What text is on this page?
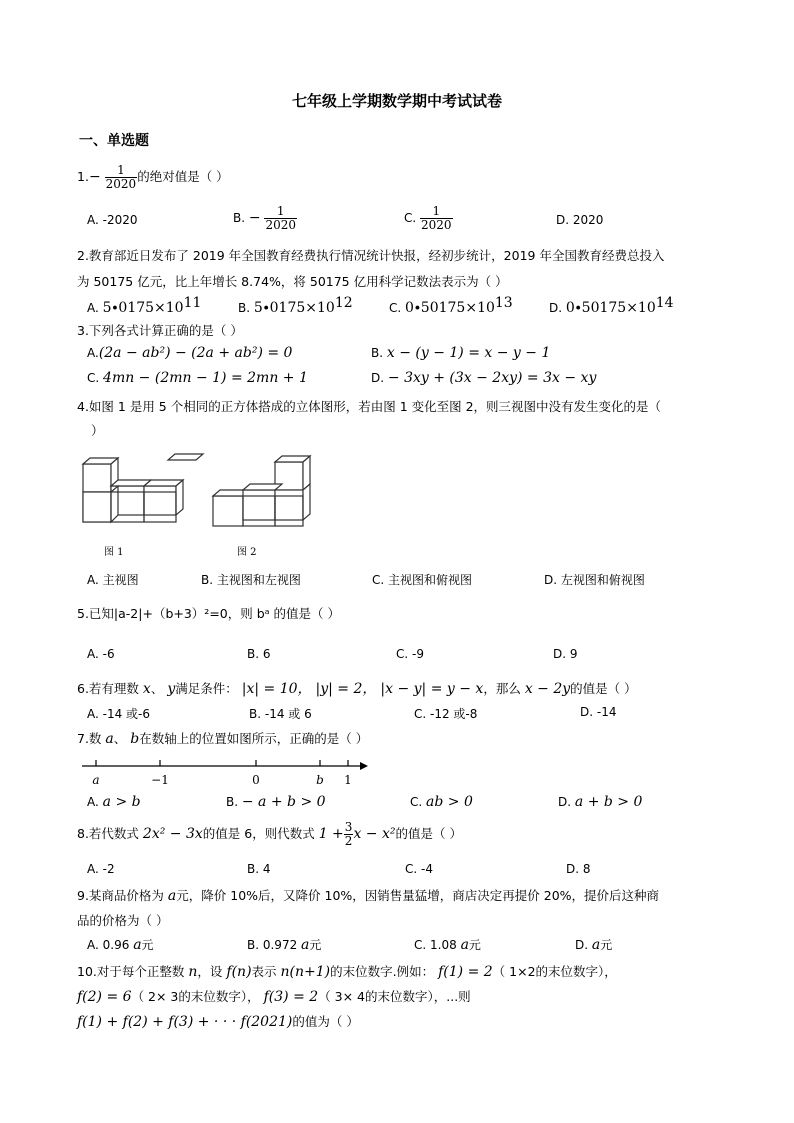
七年级上学期数学期中考试试卷
一、单选题
$1.- \frac{1}{2020}$ 的绝对值是（ ）
A. -2020	B. − $\frac{1}{2020}$	C. $\frac{1}{2020}$	D. 2020
2.教育部近日发布了 2019 年全国教育经费执行情况统计快报，经初步统计，2019 年全国教育经费总投入
为 50175 亿元，比上年增长 8.74%，将 50175 亿用科学记数法表示为（ ）
A. $5\cdot 0175\times 10^{11}$	B. $5\cdot 0175\times 10^{12}$	C. $0\cdot 50175\times 10^{13}$	D. $0\cdot 50175\times 10^{14}$
3.下列各式计算正确的是（ ）
A.(2a − ab²) − (2a + ab²) = 0	B. x − (y − 1) = x − y − 1
C. 4mn − (2mn − 1) = 2mn + 1	D. − 3xy + (3x − 2xy) = 3x − xy
4.如图 1 是用 5 个相同的正方体搭成的立体图形，若由图 1 变化至图 2，则三视图中没有发生变化的是（
）
图 1	图 2
A. 主视图	B. 主视图和左视图	C. 主视图和俯视图	D. 左视图和俯视图
5.已知|a-2|+（b+3）²=0，则 bᵃ 的值是（ ）
A. -6	B. 6	C. -9	D. 9
6.若有理数 x、 y满足条件： |x| = 10， |y| = 2， |x − y| = y − x，那么 x − 2y的值是（ ）
A. -14 或-6	B. -14 或 6	C. -12 或-8	D. -14
7.数 a、 b在数轴上的位置如图所示，正确的是（ ）
a	−1	0	b 1
A. a > b	B. − a + b > 0	C. ab > 0	D. a + b > 0
8.若代数式 2x² − 3x的值是 6，则代数式 $1 + \frac{3}{2}$ x − x²的值是（ ）
A. -2	B. 4	C. -4	D. 8
9.某商品价格为 a元，降价 10%后，又降价 10%，因销售量猛增，商店决定再提价 20%，提价后这种商
品的价格为（ ）
A. 0.96 a元	B. 0.972 a元	C. 1.08 a元	D. a元
10.对于每个正整数 n，设 f(n)表示 n(n+1)的末位数字.例如： f(1) = 2（ 1×2的末位数字），
f(2) = 6（ 2× 3的末位数字）， f(3) = 2（ 3× 4的末位数字），...则
f(1) + f(2) + f(3) + · · · f(2021)的值为（ ）
